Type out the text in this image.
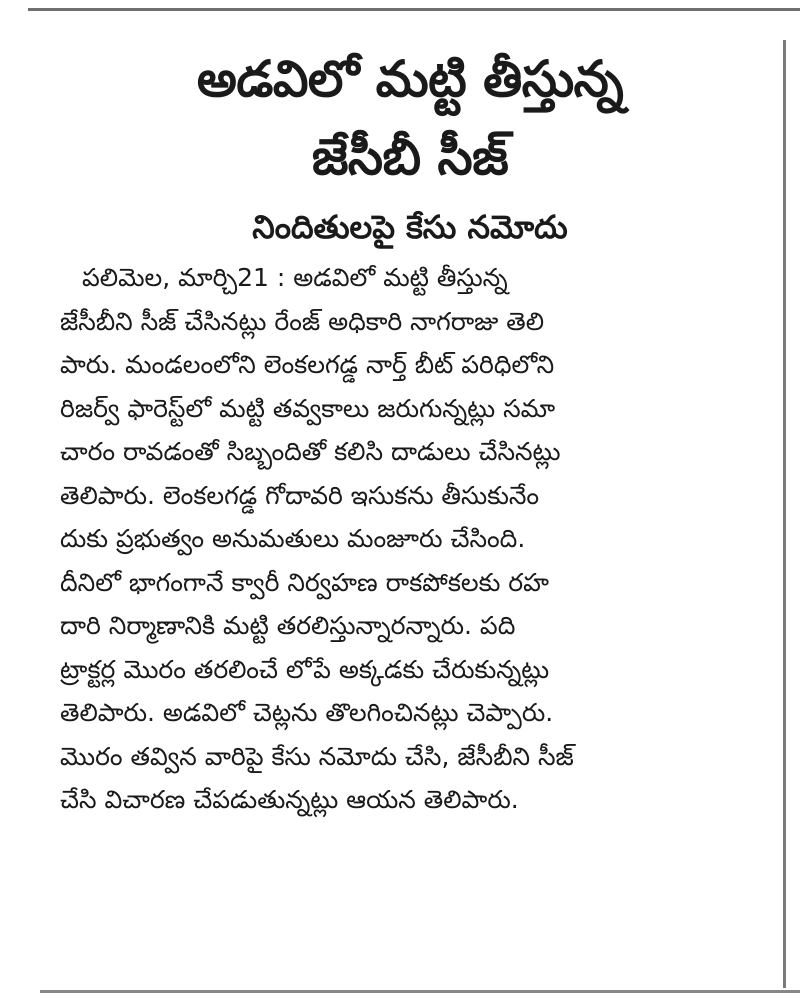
అడవిలో మట్టి తీస్తున్న
జేసీబీ సీజ్
నిందితులపై కేసు నమోదు
పలిమెల, మార్చి21 : అడవిలో మట్టి తీస్తున్న
జేసీబీని సీజ్ చేసినట్లు రేంజ్ అధికారి నాగరాజు తెలి
పారు. మండలంలోని లెంకలగడ్డ నార్త్ బీట్ పరిధిలోని
రిజర్వ్ ఫారెస్ట్‌లో మట్టి తవ్వకాలు జరుగున్నట్లు సమా
చారం రావడంతో సిబ్బందితో కలిసి దాడులు చేసినట్లు
తెలిపారు. లెంకలగడ్డ గోదావరి ఇసుకను తీసుకునేం
దుకు ప్రభుత్వం అనుమతులు మంజూరు చేసింది.
దీనిలో భాగంగానే క్వారీ నిర్వహణ రాకపోకలకు రహ
దారి నిర్మాణానికి మట్టి తరలిస్తున్నారన్నారు. పది
ట్రాక్టర్ల మొరం తరలించే లోపే అక్కడకు చేరుకున్నట్లు
తెలిపారు. అడవిలో చెట్లను తొలగించినట్లు చెప్పారు.
మొరం తవ్విన వారిపై కేసు నమోదు చేసి, జేసీబీని సీజ్
చేసి విచారణ చేపడుతున్నట్లు ఆయన తెలిపారు.
